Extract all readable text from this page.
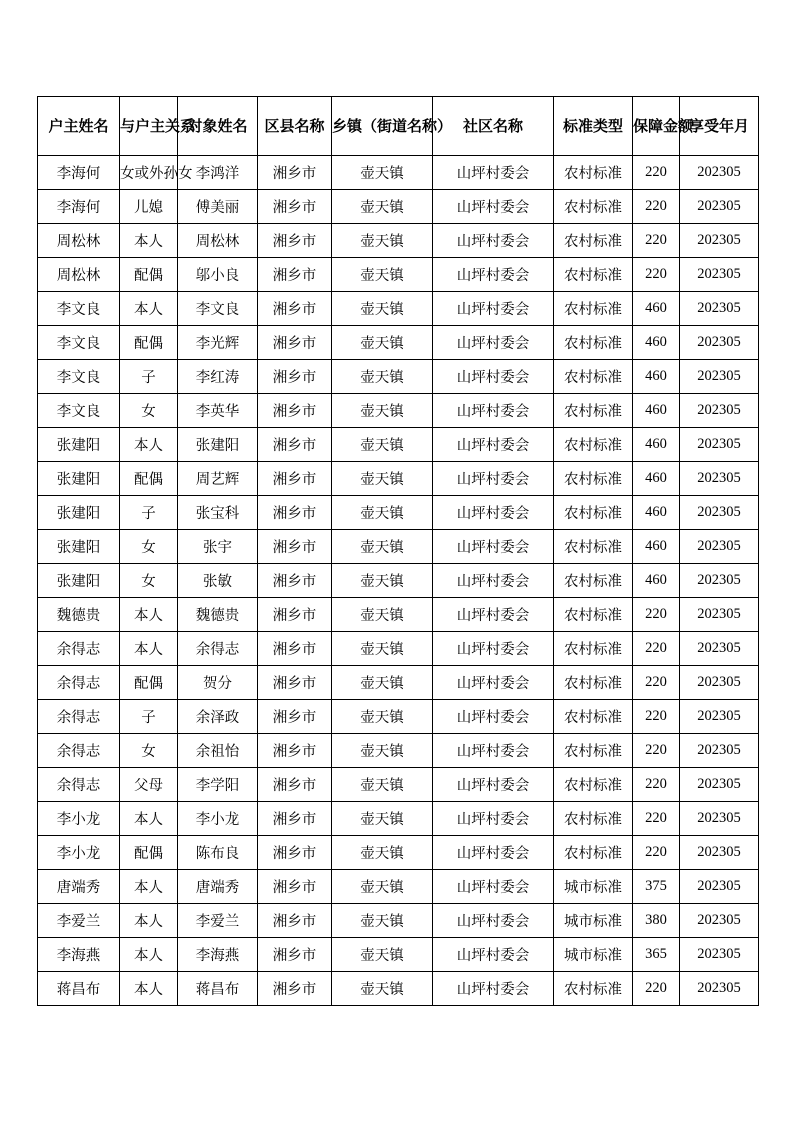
户主姓名	与户主关系	对象姓名	区县名称	乡镇（街道名称）	社区名称	标准类型	保障金额	享受年月
李海何	女或外孙女	李鸿洋	湘乡市	壶天镇	山坪村委会	农村标准	220	202305
李海何	儿媳	傅美丽	湘乡市	壶天镇	山坪村委会	农村标准	220	202305
周松林	本人	周松林	湘乡市	壶天镇	山坪村委会	农村标准	220	202305
周松林	配偶	邬小良	湘乡市	壶天镇	山坪村委会	农村标准	220	202305
李文良	本人	李文良	湘乡市	壶天镇	山坪村委会	农村标准	460	202305
李文良	配偶	李光辉	湘乡市	壶天镇	山坪村委会	农村标准	460	202305
李文良	子	李红涛	湘乡市	壶天镇	山坪村委会	农村标准	460	202305
李文良	女	李英华	湘乡市	壶天镇	山坪村委会	农村标准	460	202305
张建阳	本人	张建阳	湘乡市	壶天镇	山坪村委会	农村标准	460	202305
张建阳	配偶	周艺辉	湘乡市	壶天镇	山坪村委会	农村标准	460	202305
张建阳	子	张宝科	湘乡市	壶天镇	山坪村委会	农村标准	460	202305
张建阳	女	张宇	湘乡市	壶天镇	山坪村委会	农村标准	460	202305
张建阳	女	张敏	湘乡市	壶天镇	山坪村委会	农村标准	460	202305
魏德贵	本人	魏德贵	湘乡市	壶天镇	山坪村委会	农村标准	220	202305
余得志	本人	余得志	湘乡市	壶天镇	山坪村委会	农村标准	220	202305
余得志	配偶	贺分	湘乡市	壶天镇	山坪村委会	农村标准	220	202305
余得志	子	余泽政	湘乡市	壶天镇	山坪村委会	农村标准	220	202305
余得志	女	余祖怡	湘乡市	壶天镇	山坪村委会	农村标准	220	202305
余得志	父母	李学阳	湘乡市	壶天镇	山坪村委会	农村标准	220	202305
李小龙	本人	李小龙	湘乡市	壶天镇	山坪村委会	农村标准	220	202305
李小龙	配偶	陈布良	湘乡市	壶天镇	山坪村委会	农村标准	220	202305
唐端秀	本人	唐端秀	湘乡市	壶天镇	山坪村委会	城市标准	375	202305
李爱兰	本人	李爱兰	湘乡市	壶天镇	山坪村委会	城市标准	380	202305
李海燕	本人	李海燕	湘乡市	壶天镇	山坪村委会	城市标准	365	202305
蒋昌布	本人	蒋昌布	湘乡市	壶天镇	山坪村委会	农村标准	220	202305
